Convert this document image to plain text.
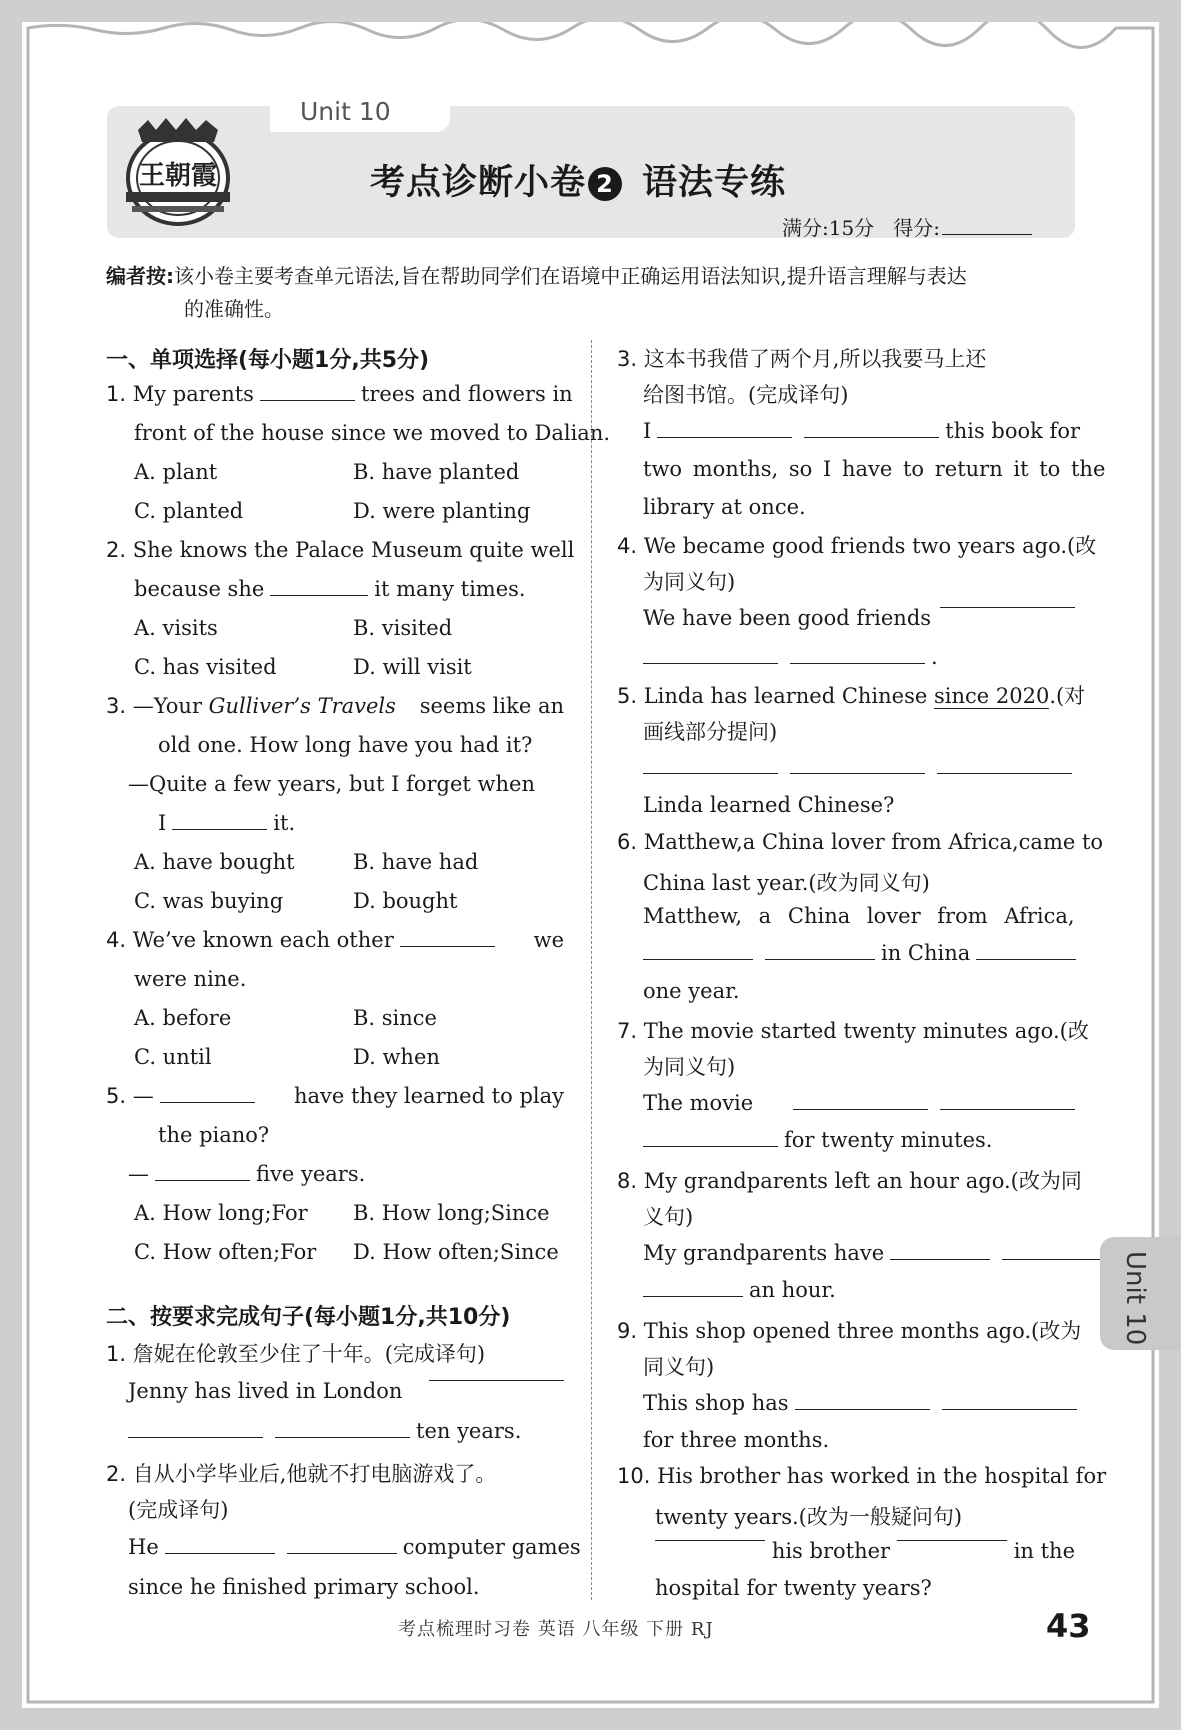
Unit 10
王朝霞	考点诊断小卷 2 语法专练
满分:15分 得分:
编者按:该小卷主要考查单元语法,旨在帮助同学们在语境中正确运用语法知识,提升语言理解与表达
的准确性。
一、单项选择(每小题1分,共5分)
1. My parents	trees and flowers in
front of the house since we moved to Dalian.
A. plant	B. have planted
C. planted	D. were planting
2. She knows the Palace Museum quite well
because she	it many times.
A. visits	B. visited
C. has visited	D. will visit
3. —Your Gulliver’s Travels seems like an
old one. How long have you had it?
—Quite a few years, but I forget when
I	it.
A. have bought	B. have had
C. was buying	D. bought
4. We’ve known each other	we
were nine.
A. before	B. since
C. until	D. when
5. —	have they learned to play
the piano?
—	five years.
A. How long;For B. How long;Since
C. How often;For D. How often;Since
二、按要求完成句子(每小题1分,共10分)
1. 詹妮在伦敦至少住了十年。(完成译句)
Jenny has lived in London
ten years.
2. 自从小学毕业后,他就不打电脑游戏了。
(完成译句)
He	computer games
since he finished primary school.
3. 这本书我借了两个月,所以我要马上还
给图书馆。(完成译句)
I	this book for
two months, so I have to return it to the
library at once.
4. We became good friends two years ago.(改
为同义句)
We have been good friends
.
5. Linda has learned Chinese since 2020.(对
画线部分提问)
Linda learned Chinese?
6. Matthew,a China lover from Africa,came to
China last year.(改为同义句)
Matthew, a China lover from Africa,
in China
one year.
7. The movie started twenty minutes ago.(改
为同义句)
The movie
for twenty minutes.
8. My grandparents left an hour ago.(改为同
义句)
My grandparents have
an hour.
9. This shop opened three months ago.(改为
同义句)
This shop has
for three months.
10. His brother has worked in the hospital for
twenty years.(改为一般疑问句)
his brother	in the
hospital for twenty years?
Unit 10
考点梳理时习卷 英语 八年级 下册 RJ	43
